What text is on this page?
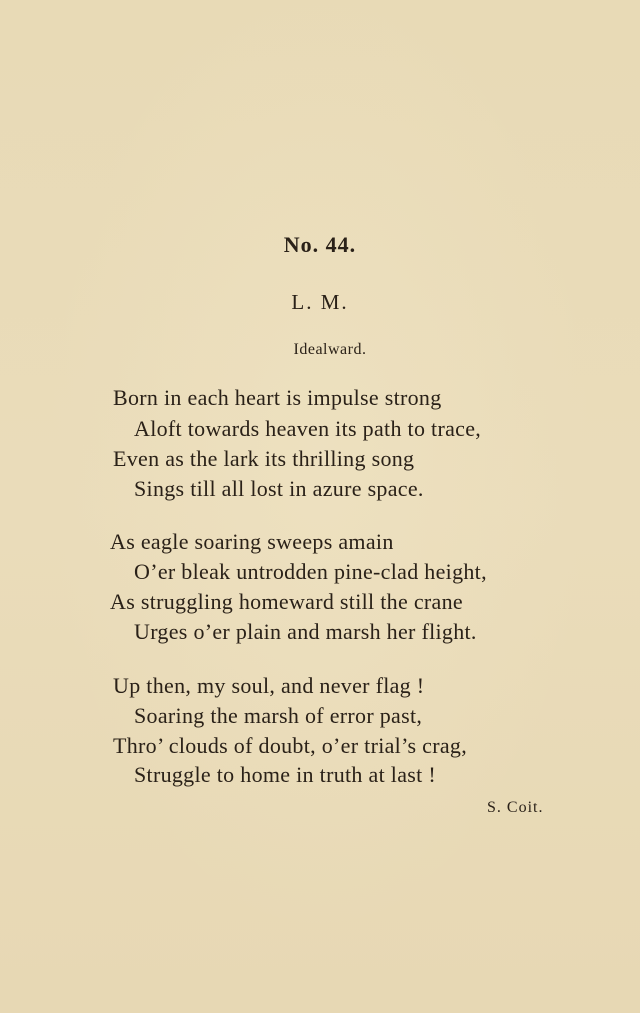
No. 44.
L. M.
Idealward.
Born in each heart is impulse strong
Aloft towards heaven its path to trace,
Even as the lark its thrilling song
Sings till all lost in azure space.
As eagle soaring sweeps amain
O’er bleak untrodden pine-clad height,
As struggling homeward still the crane
Urges o’er plain and marsh her flight.
Up then, my soul, and never flag !
Soaring the marsh of error past,
Thro’ clouds of doubt, o’er trial’s crag,
Struggle to home in truth at last !
S. Coit.
